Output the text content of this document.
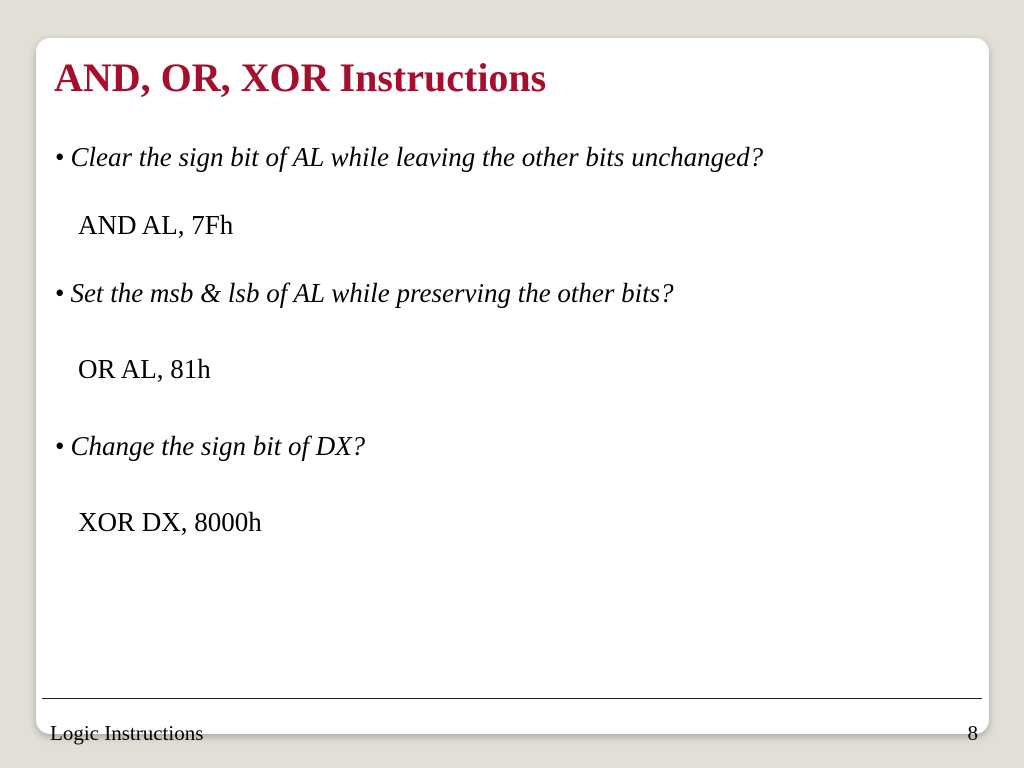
AND, OR, XOR Instructions
• Clear the sign bit of AL while leaving the other bits unchanged?
AND AL, 7Fh
• Set the msb & lsb of AL while preserving the other bits?
OR AL, 81h
• Change the sign bit of DX?
XOR DX, 8000h
Logic Instructions	8
